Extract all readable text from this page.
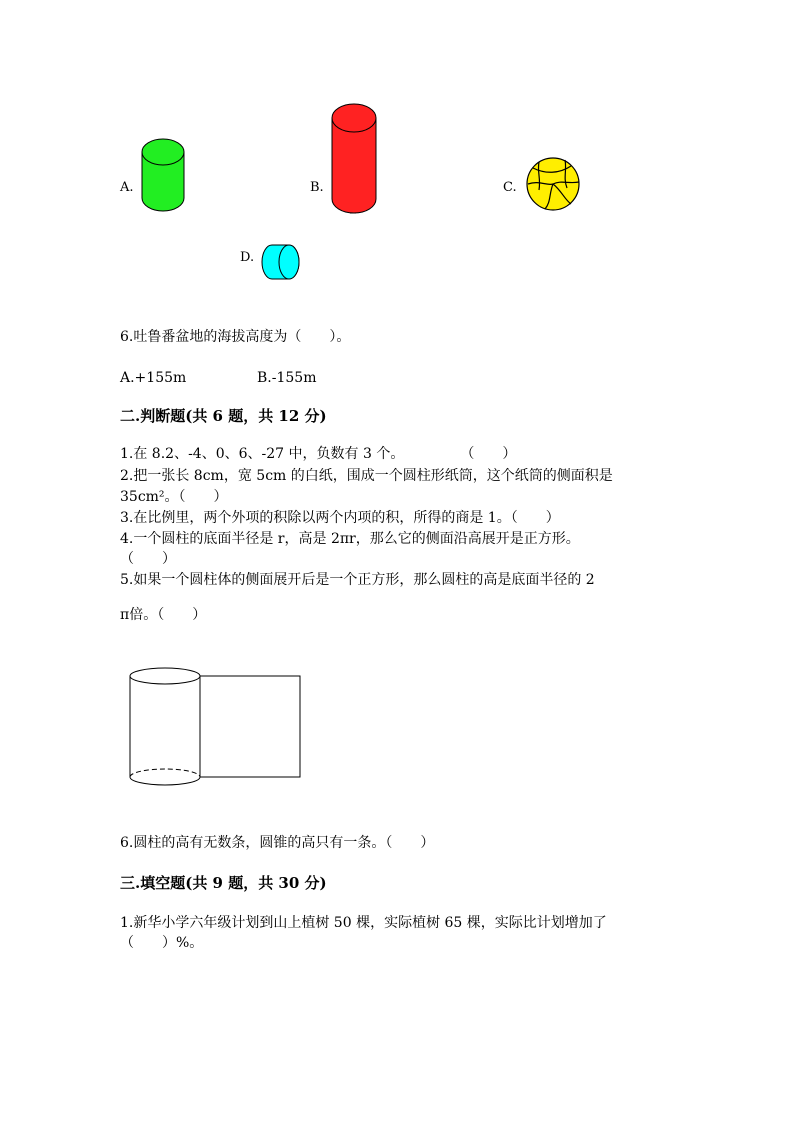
A.	B.	C.
D.
6.吐鲁番盆地的海拔高度为（　　）。
A.+155m	B.-155m
二.判断题(共 6 题，共 12 分)
1.在 8.2、-4、0、6、-27 中，负数有 3 个。　　　　　（　　）
2.把一张长 8cm，宽 5cm 的白纸，围成一个圆柱形纸筒，这个纸筒的侧面积是
35cm²。（　　）
3.在比例里，两个外项的积除以两个内项的积，所得的商是 1。（　　）
4.一个圆柱的底面半径是 r，高是 2πr，那么它的侧面沿高展开是正方形。
（　　）
5.如果一个圆柱体的侧面展开后是一个正方形，那么圆柱的高是底面半径的 2
π倍。（　　）
6.圆柱的高有无数条，圆锥的高只有一条。（　　）
三.填空题(共 9 题，共 30 分)
1.新华小学六年级计划到山上植树 50 棵，实际植树 65 棵，实际比计划增加了
（　　）%。
